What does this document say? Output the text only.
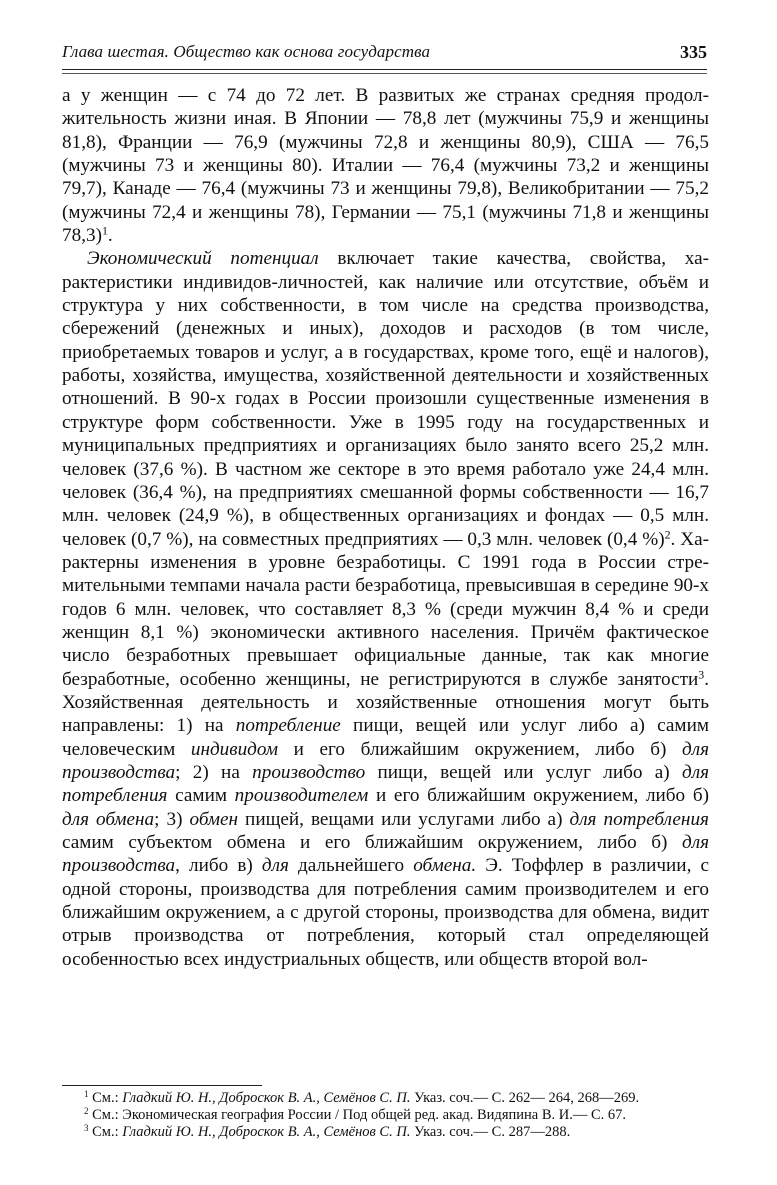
Глава шестая. Общество как основа государства	335

а у женщин — с 74 до 72 лет. В развитых же странах средняя продолжительность жизни иная. В Японии — 78,8 лет (мужчины 75,9 и женщины 81,8), Франции — 76,9 (мужчины 72,8 и женщины 80,9), США — 76,5 (мужчины 73 и женщины 80). Италии — 76,4 (мужчины 73,2 и женщины 79,7), Канаде — 76,4 (мужчины 73 и женщины 79,8), Великобритании — 75,2 (мужчины 72,4 и женщины 78), Германии — 75,1 (мужчины 71,8 и женщины 78,3)$^1$.

Экономический потенциал включает такие качества, свойства, характеристики индивидов-личностей, как наличие или отсутствие, объём и структура у них собственности, в том числе на средства производства, сбережений (денежных и иных), доходов и расходов (в том числе, приобретаемых товаров и услуг, а в государствах, кроме того, ещё и налогов), работы, хозяйства, имущества, хозяйственной деятельности и хозяйственных отношений. В 90-х годах в России произошли существенные изменения в структуре форм собственности. Уже в 1995 году на государственных и муниципальных предприятиях и организациях было занято всего 25,2 млн. человек (37,6 %). В частном же секторе в это время работало уже 24,4 млн. человек (36,4 %), на предприятиях смешанной формы собственности — 16,7 млн. человек (24,9 %), в общественных организациях и фондах — 0,5 млн. человек (0,7 %), на совместных предприятиях — 0,3 млн. человек (0,4 %)$^2$. Характерны изменения в уровне безработицы. С 1991 года в России стремительными темпами начала расти безработица, превысившая в середине 90-х годов 6 млн. человек, что составляет 8,3 % (среди мужчин 8,4 % и среди женщин 8,1 %) экономически активного населения. Причём фактическое число безработных превышает официальные данные, так как многие безработные, особенно женщины, не регистрируются в службе занятости$^3$. Хозяйственная деятельность и хозяйственные отношения могут быть направлены: 1) на потребление пищи, вещей или услуг либо а) самим человеческим индивидом и его ближайшим окружением, либо б) для производства; 2) на производство пищи, вещей или услуг либо а) для потребления самим производителем и его ближайшим окружением, либо б) для обмена; 3) обмен пищей, вещами или услугами либо а) для потребления самим субъектом обмена и его ближайшим окружением, либо б) для производства, либо в) для дальнейшего обмена. Э. Тоффлер в различии, с одной стороны, производства для потребления самим производителем и его ближайшим окружением, а с другой стороны, производства для обмена, видит отрыв производства от потребления, который стал определяющей особенностью всех индустриальных обществ, или обществ второй вол-

$^1$ См.: Гладкий Ю. Н., Доброскок В. А., Семёнов С. П. Указ. соч.— С. 262— 264, 268—269.

$^2$ См.: Экономическая география России / Под общей ред. акад. Видяпина В. И.— С. 67.

$^3$ См.: Гладкий Ю. Н., Доброскок В. А., Семёнов С. П. Указ. соч.— С. 287—288.
